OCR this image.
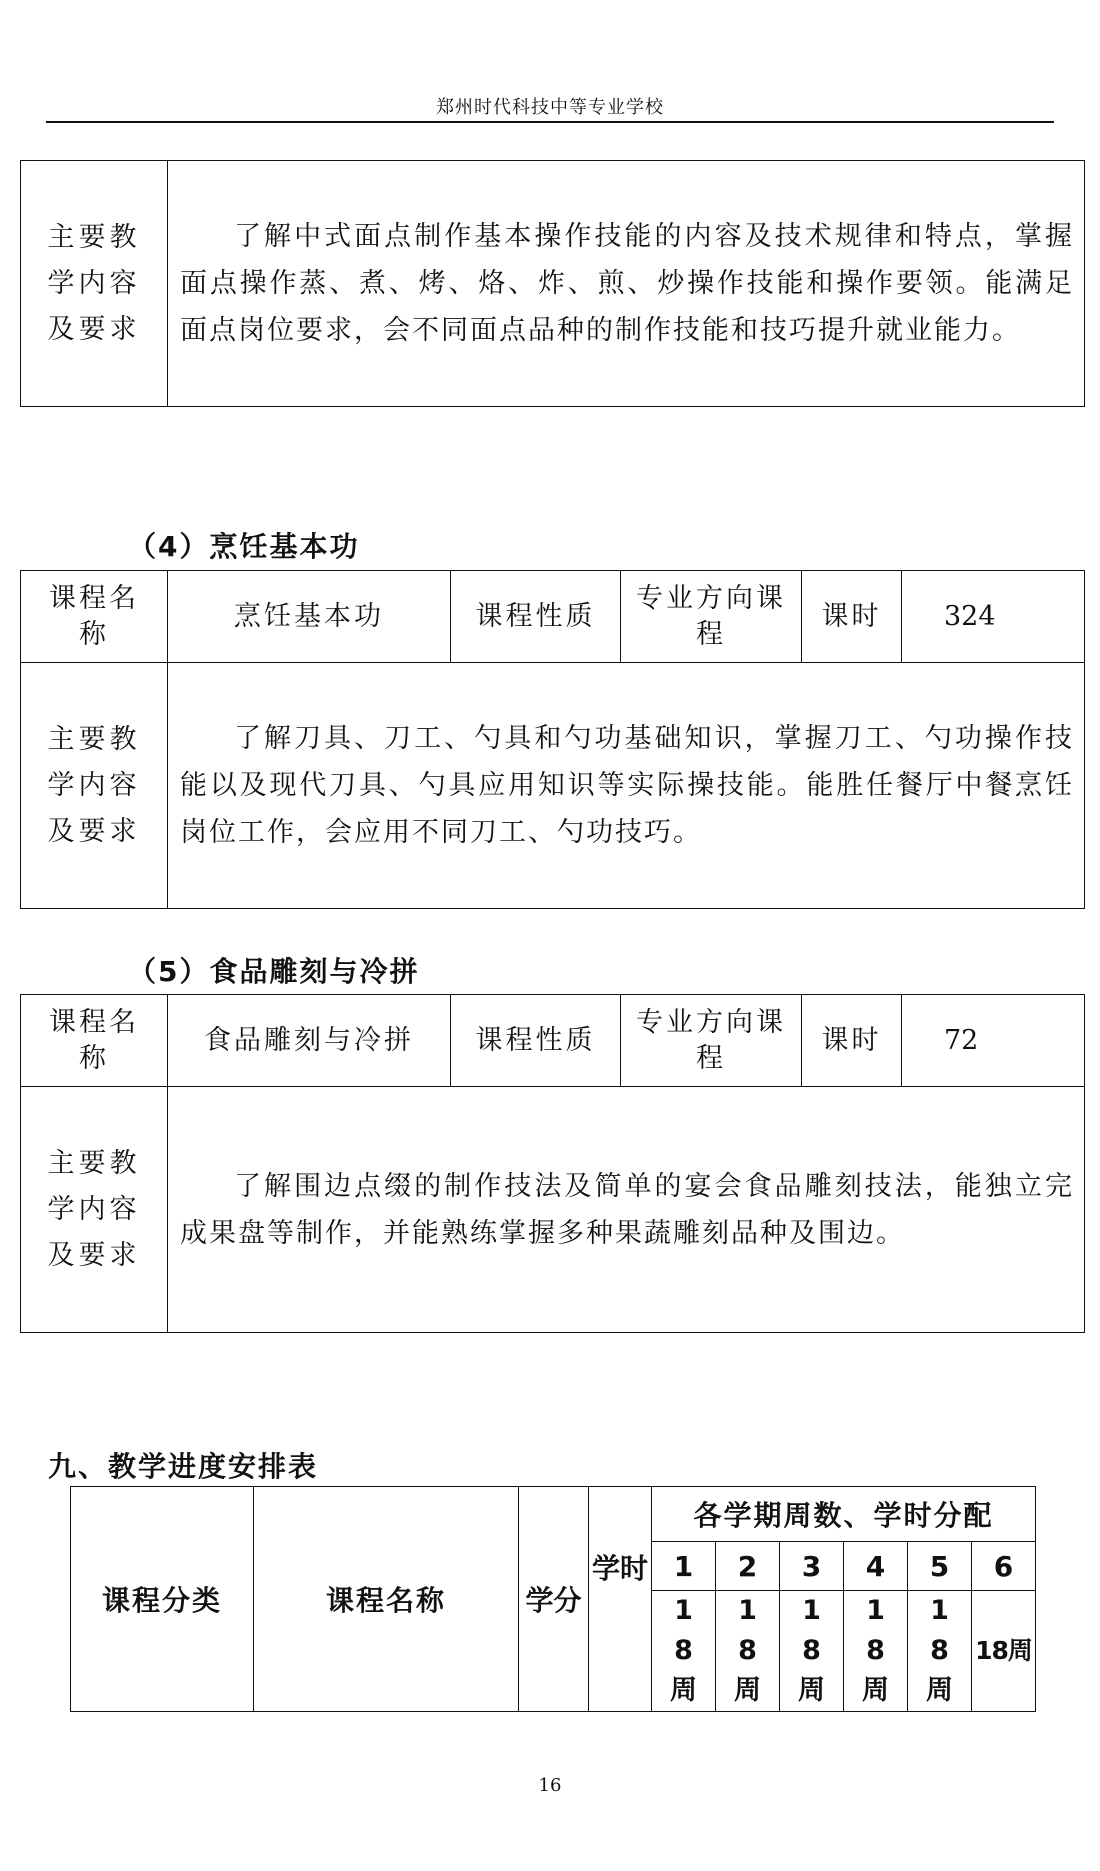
郑州时代科技中等专业学校
主要教学内容及要求

了解中式面点制作基本操作技能的内容及技术规律和特点，掌握面点操作蒸、煮、烤、烙、炸、煎、炒操作技能和操作要领。能满足面点岗位要求，会不同面点品种的制作技能和技巧提升就业能力。
（4）烹饪基本功
课程名称	烹饪基本功	课程性质	专业方向课程	课时	324

主要教学内容及要求	了解刀具、刀工、勺具和勺功基础知识，掌握刀工、勺功操作技能以及现代刀具、勺具应用知识等实际操技能。能胜任餐厅中餐烹饪岗位工作，会应用不同刀工、勺功技巧。				
（5）食品雕刻与冷拼
课程名称	食品雕刻与冷拼	课程性质	专业方向课程	课时	72

主要教学内容及要求	了解围边点缀的制作技法及简单的宴会食品雕刻技法，能独立完成果盘等制作，并能熟练掌握多种果蔬雕刻品种及围边。				
九、教学进度安排表
课程分类	课程名称	学分	学时	各学期周数、学时分配					
				1	2	3	4	5	6
				18周	18周	18周	18周	18周	18周
16
